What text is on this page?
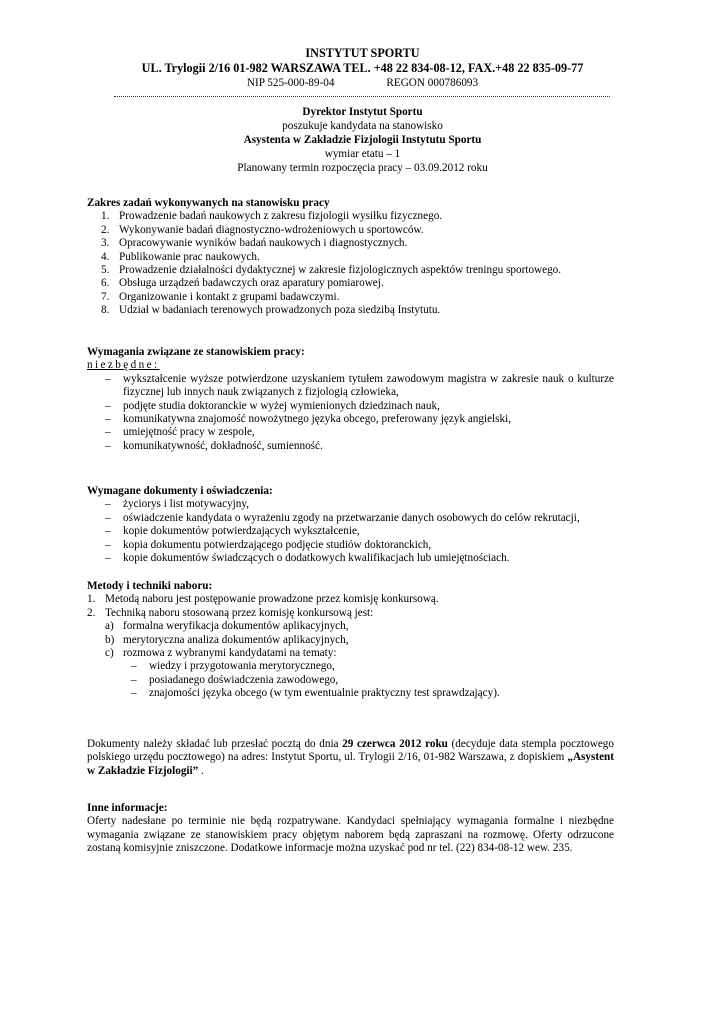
INSTYTUT SPORTU
UL. Trylogii 2/16 01-982 WARSZAWA TEL. +48 22 834-08-12, FAX.+48 22 835-09-77
NIP 525-000-89-04	REGON 000786093
Dyrektor Instytut Sportu
poszukuje kandydata na stanowisko
Asystenta w Zakładzie Fizjologii Instytutu Sportu
wymiar etatu – 1
Planowany termin rozpoczęcia pracy – 03.09.2012 roku
Zakres zadań wykonywanych na stanowisku pracy
1. Prowadzenie badań naukowych z zakresu fizjologii wysiłku fizycznego.
2. Wykonywanie badań diagnostyczno-wdrożeniowych u sportowców.
3. Opracowywanie wyników badań naukowych i diagnostycznych.
4. Publikowanie prac naukowych.
5. Prowadzenie działalności dydaktycznej w zakresie fizjologicznych aspektów treningu sportowego.
6. Obsługa urządzeń badawczych oraz aparatury pomiarowej.
7. Organizowanie i kontakt z grupami badawczymi.
8. Udział w badaniach terenowych prowadzonych poza siedzibą Instytutu.
Wymagania związane ze stanowiskiem pracy:
niezbędne:
– wykształcenie wyższe potwierdzone uzyskaniem tytułem zawodowym magistra w zakresie nauk o kulturze fizycznej lub innych nauk związanych z fizjologią człowieka,
– podjęte studia doktoranckie w wyżej wymienionych dziedzinach nauk,
– komunikatywna znajomość nowożytnego języka obcego, preferowany język angielski,
– umiejętność pracy w zespole,
– komunikatywność, dokładność, sumienność.
Wymagane dokumenty i oświadczenia:
– życiorys i list motywacyjny,
– oświadczenie kandydata o wyrażeniu zgody na przetwarzanie danych osobowych do celów rekrutacji,
– kopie dokumentów potwierdzających wykształcenie,
– kopia dokumentu potwierdzającego podjęcie studiów doktoranckich,
– kopie dokumentów świadczących o dodatkowych kwalifikacjach lub umiejętnościach.
Metody i techniki naboru:
1. Metodą naboru jest postępowanie prowadzone przez komisję konkursową.
2. Techniką naboru stosowaną przez komisję konkursową jest:
a) formalna weryfikacja dokumentów aplikacyjnych,
b) merytoryczna analiza dokumentów aplikacyjnych,
c) rozmowa z wybranymi kandydatami na tematy:
– wiedzy i przygotowania merytorycznego,
– posiadanego doświadczenia zawodowego,
– znajomości języka obcego (w tym ewentualnie praktyczny test sprawdzający).
Dokumenty należy składać lub przesłać pocztą do dnia 29 czerwca 2012 roku (decyduje data stempla pocztowego polskiego urzędu pocztowego) na adres: Instytut Sportu, ul. Trylogii 2/16, 01-982 Warszawa, z dopiskiem „Asystent w Zakładzie Fizjologii” .
Inne informacje:
Oferty nadesłane po terminie nie będą rozpatrywane. Kandydaci spełniający wymagania formalne i niezbędne wymagania związane ze stanowiskiem pracy objętym naborem będą zapraszani na rozmowę. Oferty odrzucone zostaną komisyjnie zniszczone. Dodatkowe informacje można uzyskać pod nr tel. (22) 834-08-12 wew. 235.
